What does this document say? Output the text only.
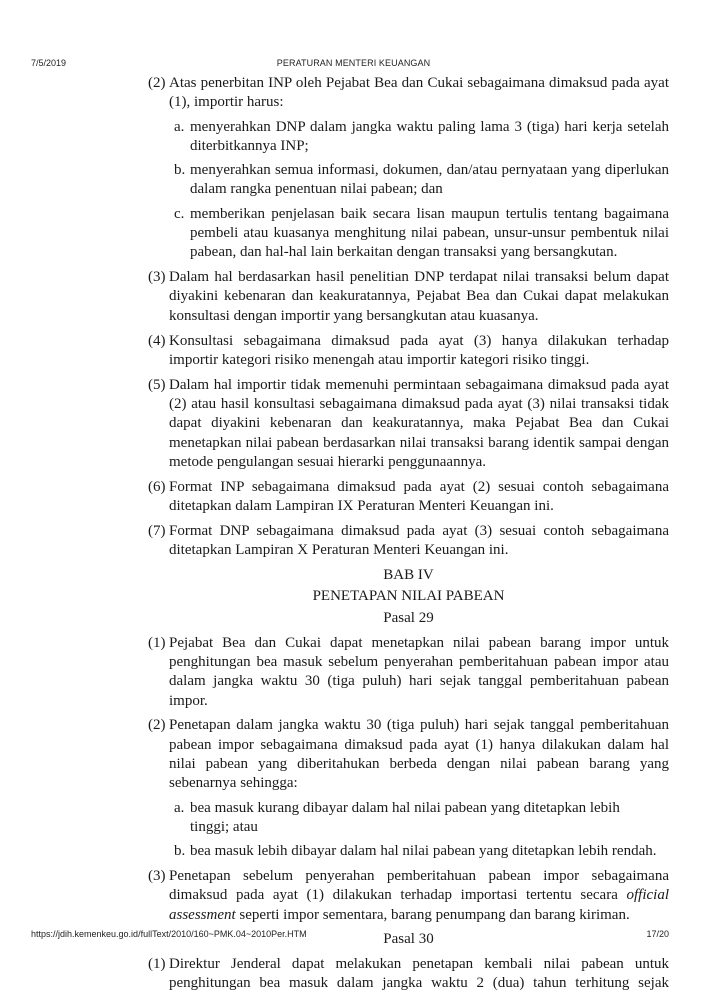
7/5/2019	PERATURAN MENTERI KEUANGAN
(2) Atas penerbitan INP oleh Pejabat Bea dan Cukai sebagaimana dimaksud pada ayat (1), importir harus:
a. menyerahkan DNP dalam jangka waktu paling lama 3 (tiga) hari kerja setelah diterbitkannya INP;
b. menyerahkan semua informasi, dokumen, dan/atau pernyataan yang diperlukan dalam rangka penentuan nilai pabean; dan
c. memberikan penjelasan baik secara lisan maupun tertulis tentang bagaimana pembeli atau kuasanya menghitung nilai pabean, unsur-unsur pembentuk nilai pabean, dan hal-hal lain berkaitan dengan transaksi yang bersangkutan.
(3) Dalam hal berdasarkan hasil penelitian DNP terdapat nilai transaksi belum dapat diyakini kebenaran dan keakuratannya, Pejabat Bea dan Cukai dapat melakukan konsultasi dengan importir yang bersangkutan atau kuasanya.
(4) Konsultasi sebagaimana dimaksud pada ayat (3) hanya dilakukan terhadap importir kategori risiko menengah atau importir kategori risiko tinggi.
(5) Dalam hal importir tidak memenuhi permintaan sebagaimana dimaksud pada ayat (2) atau hasil konsultasi sebagaimana dimaksud pada ayat (3) nilai transaksi tidak dapat diyakini kebenaran dan keakuratannya, maka Pejabat Bea dan Cukai menetapkan nilai pabean berdasarkan nilai transaksi barang identik sampai dengan metode pengulangan sesuai hierarki penggunaannya.
(6) Format INP sebagaimana dimaksud pada ayat (2) sesuai contoh sebagaimana ditetapkan dalam Lampiran IX Peraturan Menteri Keuangan ini.
(7) Format DNP sebagaimana dimaksud pada ayat (3) sesuai contoh sebagaimana ditetapkan Lampiran X Peraturan Menteri Keuangan ini.
BAB IV
PENETAPAN NILAI PABEAN
Pasal 29
(1) Pejabat Bea dan Cukai dapat menetapkan nilai pabean barang impor untuk penghitungan bea masuk sebelum penyerahan pemberitahuan pabean impor atau dalam jangka waktu 30 (tiga puluh) hari sejak tanggal pemberitahuan pabean impor.
(2) Penetapan dalam jangka waktu 30 (tiga puluh) hari sejak tanggal pemberitahuan pabean impor sebagaimana dimaksud pada ayat (1) hanya dilakukan dalam hal nilai pabean yang diberitahukan berbeda dengan nilai pabean barang yang sebenarnya sehingga:
a. bea masuk kurang dibayar dalam hal nilai pabean yang ditetapkan lebih tinggi; atau
b. bea masuk lebih dibayar dalam hal nilai pabean yang ditetapkan lebih rendah.
(3) Penetapan sebelum penyerahan pemberitahuan pabean impor sebagaimana dimaksud pada ayat (1) dilakukan terhadap importasi tertentu secara official assessment seperti impor sementara, barang penumpang dan barang kiriman.
Pasal 30
(1) Direktur Jenderal dapat melakukan penetapan kembali nilai pabean untuk penghitungan bea masuk dalam jangka waktu 2 (dua) tahun terhitung sejak
https://jdih.kemenkeu.go.id/fullText/2010/160~PMK.04~2010Per.HTM	17/20
